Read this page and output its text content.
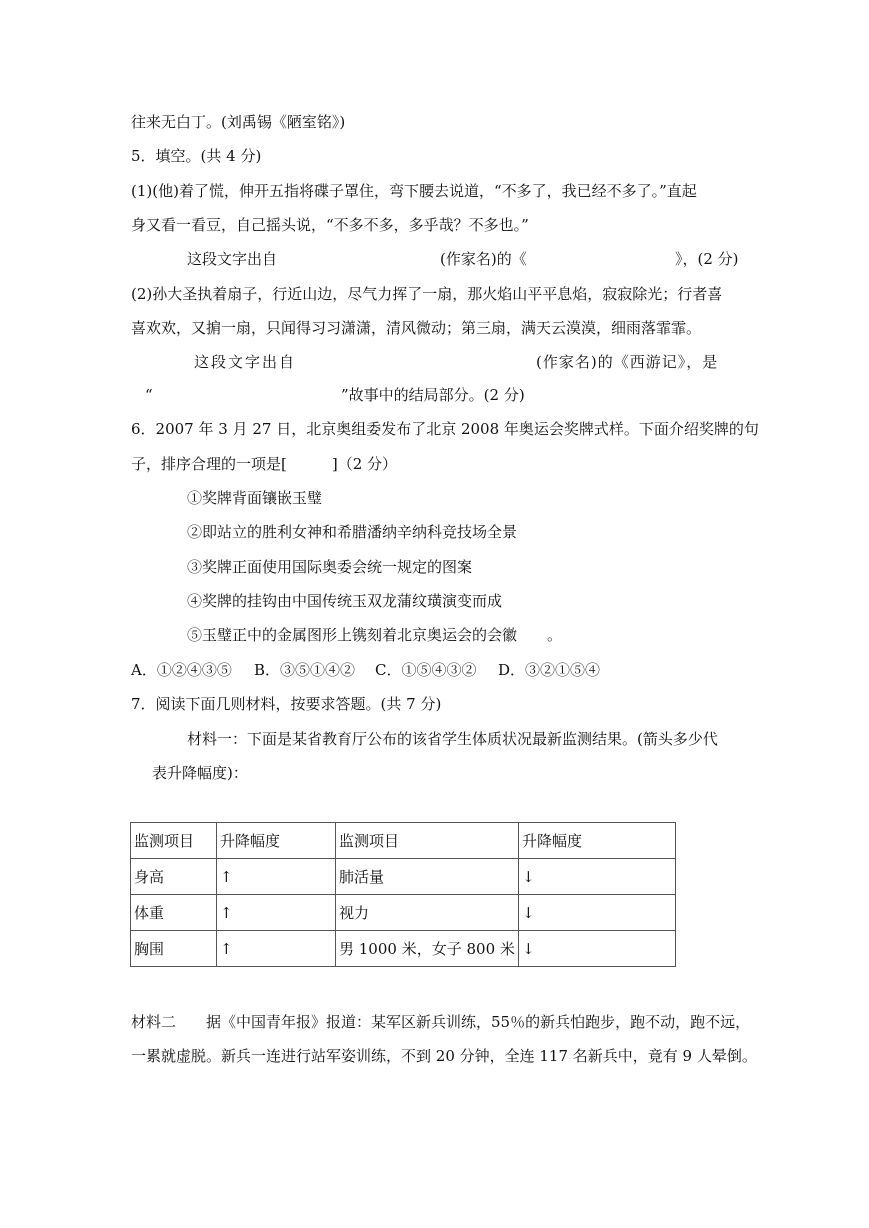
往来无白丁。(刘禹锡《陋室铭》)
5．填空。(共 4 分)
(1)(他)着了慌，伸开五指将碟子罩住，弯下腰去说道，“不多了，我已经不多了。”直起
身又看一看豆，自己摇头说，“不多不多，多乎哉？不多也。”
这段文字出自	(作家名)的《	》，(2 分)
(2)孙大圣执着扇子，行近山边，尽气力挥了一扇，那火焰山平平息焰，寂寂除光；行者喜
喜欢欢，又掮一扇，只闻得习习潇潇，清风微动；第三扇，满天云漠漠，细雨落霏霏。
这段文字出自	(作家名)的《西游记》，是
“	”故事中的结局部分。(2 分)
6．2007 年 3 月 27 日，北京奥组委发布了北京 2008 年奥运会奖牌式样。下面介绍奖牌的句
子，排序合理的一项是[　　　]（2 分）
①奖牌背面镶嵌玉璧
②即站立的胜利女神和希腊潘纳辛纳科竞技场全景
③奖牌正面使用国际奥委会统一规定的图案
④奖牌的挂钩由中国传统玉双龙蒲纹璜演变而成
⑤玉璧正中的金属图形上镌刻着北京奥运会的会徽　　。
A．①②④③⑤ B．③⑤①④② C．①⑤④③② D．③②①⑤④
7．阅读下面几则材料，按要求答题。(共 7 分)
材料一：下面是某省教育厅公布的该省学生体质状况最新监测结果。(箭头多少代
表升降幅度)：
监测项目	升降幅度	监测项目	升降幅度
身高	↑	肺活量	↓
体重	↑	视力	↓
胸围	↑	男 1000 米，女子 800 米	↓
材料二　　据《中国青年报》报道：某军区新兵训练，55％的新兵怕跑步，跑不动，跑不远，
一累就虚脱。新兵一连进行站军姿训练，不到 20 分钟，全连 117 名新兵中，竟有 9 人晕倒。
